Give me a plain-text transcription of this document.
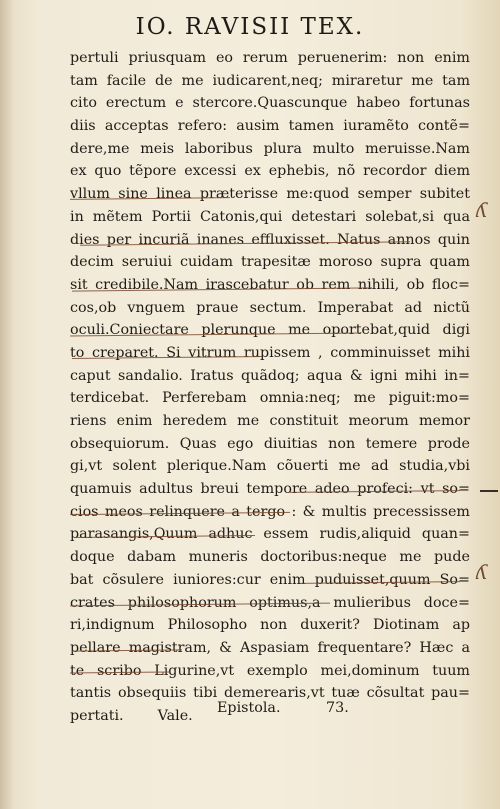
IO. RAVISII TEX.
pertuli priusquam eo rerum peruenerim: non enim
tam facile de me iudicarent,neq; miraretur me tam
cito erectum e stercore.Quascunque habeo fortunas
diis acceptas refero: ausim tamen iuramẽto contẽ=
dere,me meis laboribus plura multo meruisse.Nam
ex quo tẽpore excessi ex ephebis, nõ recordor diem
vllum sine linea præterisse me:quod semper subitet
in mẽtem Portii Catonis,qui detestari solebat,si qua
dies per incuriã inanes effluxisset. Natus annos quin
decim seruiui cuidam trapesitæ moroso supra quam
sit credibile.Nam irascebatur ob rem nihili, ob floc=
cos,ob vnguem praue sectum. Imperabat ad nictũ
oculi.Coniectare plerunque me oportebat,quid digi
to creparet. Si vitrum rupissem , comminuisset mihi
caput sandalio. Iratus quãdoq; aqua & igni mihi in=
terdicebat. Perferebam omnia:neq; me piguit:mo=
riens enim heredem me constituit meorum memor
obsequiorum. Quas ego diuitias non temere prode
gi,vt solent plerique.Nam cõuerti me ad studia,vbi
quamuis adultus breui tempore adeo profeci: vt so=
cios meos relinquere a tergo : & multis precessissem
parasangis,Quum adhuc essem rudis,aliquid quan=
doque dabam muneris doctoribus:neque me pude
bat cõsulere iuniores:cur enim puduisset,quum So=
crates philosophorum optimus,a mulieribus doce=
ri,indignum Philosopho non duxerit? Diotinam ap
pellare magistram, & Aspasiam frequentare? Hæc a
te scribo Ligurine,vt exemplo mei,dominum tuum
tantis obsequiis tibi demerearis,vt tuæ cõsultat pau=
pertati. Vale.
ʎ
ʎ
Epistola.	73.
